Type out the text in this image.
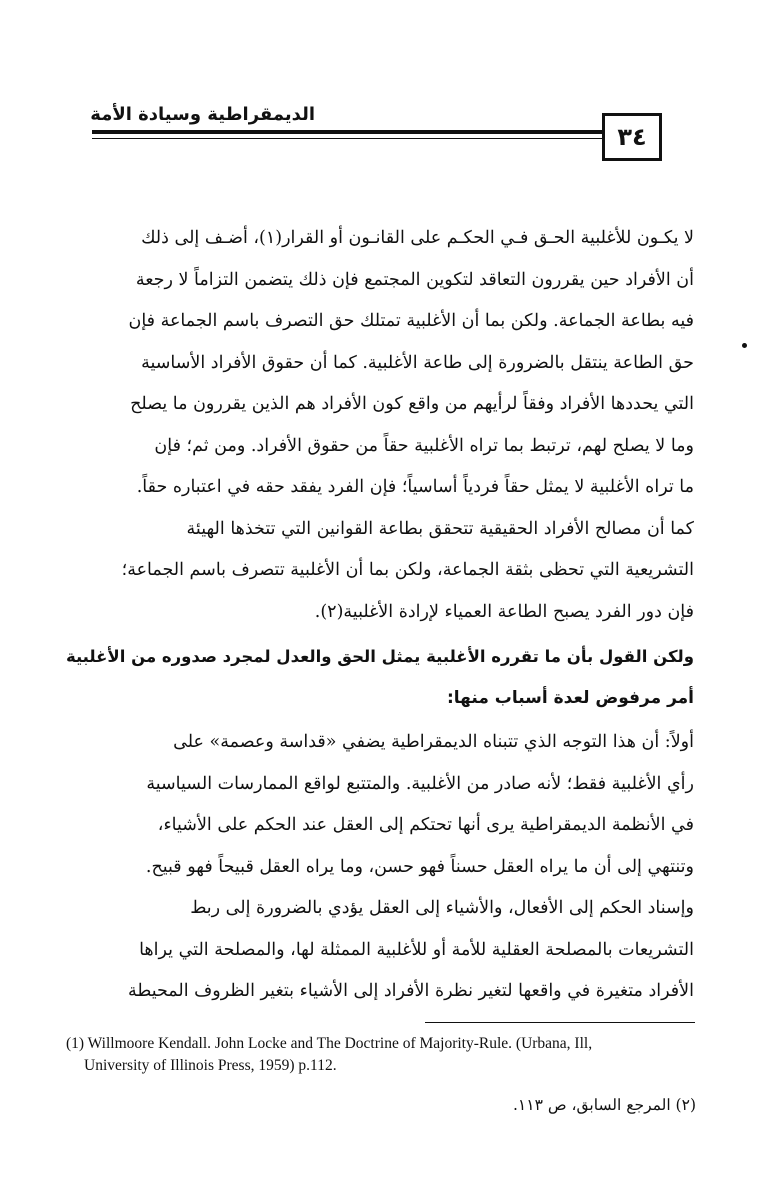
الديمقراطية وسيادة الأمة
٣٤
لا يكـون للأغلبية الحـق فـي الحكـم على القانـون أو القرار(١)، أضـف إلى ذلك
أن الأفراد حين يقررون التعاقد لتكوين المجتمع فإن ذلك يتضمن التزاماً لا رجعة
فيه بطاعة الجماعة. ولكن بما أن الأغلبية تمتلك حق التصرف باسم الجماعة فإن
حق الطاعة ينتقل بالضرورة إلى طاعة الأغلبية. كما أن حقوق الأفراد الأساسية
التي يحددها الأفراد وفقاً لرأيهم من واقع كون الأفراد هم الذين يقررون ما يصلح
وما لا يصلح لهم، ترتبط بما تراه الأغلبية حقاً من حقوق الأفراد. ومن ثم؛ فإن
ما تراه الأغلبية لا يمثل حقاً فردياً أساسياً؛ فإن الفرد يفقد حقه في اعتباره حقاً.
كما أن مصالح الأفراد الحقيقية تتحقق بطاعة القوانين التي تتخذها الهيئة
التشريعية التي تحظى بثقة الجماعة، ولكن بما أن الأغلبية تتصرف باسم الجماعة؛
فإن دور الفرد يصبح الطاعة العمياء لإرادة الأغلبية(٢).
ولكن القول بأن ما تقرره الأغلبية يمثل الحق والعدل لمجرد صدوره من الأغلبية
أمر مرفوض لعدة أسباب منها:
أولاً: أن هذا التوجه الذي تتبناه الديمقراطية يضفي «قداسة وعصمة» على
رأي الأغلبية فقط؛ لأنه صادر من الأغلبية. والمتتبع لواقع الممارسات السياسية
في الأنظمة الديمقراطية يرى أنها تحتكم إلى العقل عند الحكم على الأشياء،
وتنتهي إلى أن ما يراه العقل حسناً فهو حسن، وما يراه العقل قبيحاً فهو قبيح.
وإسناد الحكم إلى الأفعال، والأشياء إلى العقل يؤدي بالضرورة إلى ربط
التشريعات بالمصلحة العقلية للأمة أو للأغلبية الممثلة لها، والمصلحة التي يراها
الأفراد متغيرة في واقعها لتغير نظرة الأفراد إلى الأشياء بتغير الظروف المحيطة
(1) Willmoore Kendall. John Locke and The Doctrine of Majority-Rule. (Urbana, Ill,
University of Illinois Press, 1959) p.112.
(٢) المرجع السابق، ص ١١٣.
